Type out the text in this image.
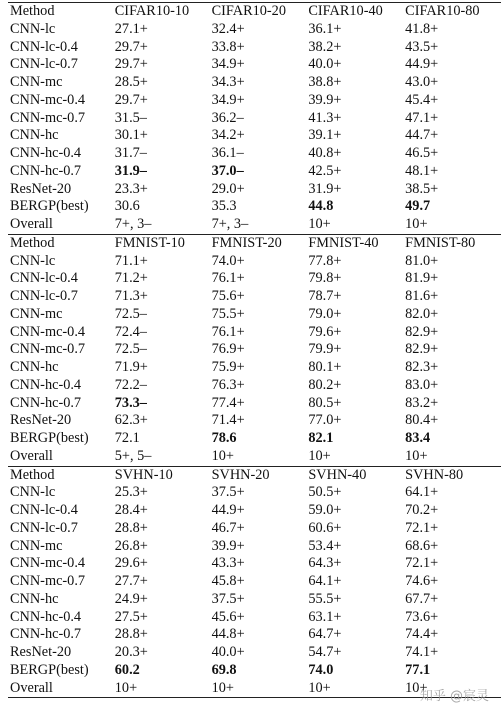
Method	CIFAR10-10	CIFAR10-20	CIFAR10-40	CIFAR10-80
CNN-lc	27.1+	32.4+	36.1+	41.8+
CNN-lc-0.4	29.7+	33.8+	38.2+	43.5+
CNN-lc-0.7	29.7+	34.9+	40.0+	44.9+
CNN-mc	28.5+	34.3+	38.8+	43.0+
CNN-mc-0.4	29.7+	34.9+	39.9+	45.4+
CNN-mc-0.7	31.5–	36.2–	41.3+	47.1+
CNN-hc	30.1+	34.2+	39.1+	44.7+
CNN-hc-0.4	31.7–	36.1–	40.8+	46.5+
CNN-hc-0.7	31.9–	37.0–	42.5+	48.1+
ResNet-20	23.3+	29.0+	31.9+	38.5+
BERGP(best)	30.6	35.3	44.8	49.7
Overall	7+, 3–	7+, 3–	10+	10+
Method	FMNIST-10	FMNIST-20	FMNIST-40	FMNIST-80
CNN-lc	71.1+	74.0+	77.8+	81.0+
CNN-lc-0.4	71.2+	76.1+	79.8+	81.9+
CNN-lc-0.7	71.3+	75.6+	78.7+	81.6+
CNN-mc	72.5–	75.5+	79.0+	82.0+
CNN-mc-0.4	72.4–	76.1+	79.6+	82.9+
CNN-mc-0.7	72.5–	76.9+	79.9+	82.9+
CNN-hc	71.9+	75.9+	80.1+	82.3+
CNN-hc-0.4	72.2–	76.3+	80.2+	83.0+
CNN-hc-0.7	73.3–	77.4+	80.5+	83.2+
ResNet-20	62.3+	71.4+	77.0+	80.4+
BERGP(best)	72.1	78.6	82.1	83.4
Overall	5+, 5–	10+	10+	10+
Method	SVHN-10	SVHN-20	SVHN-40	SVHN-80
CNN-lc	25.3+	37.5+	50.5+	64.1+
CNN-lc-0.4	28.4+	44.9+	59.0+	70.2+
CNN-lc-0.7	28.8+	46.7+	60.6+	72.1+
CNN-mc	26.8+	39.9+	53.4+	68.6+
CNN-mc-0.4	29.6+	43.3+	64.3+	72.1+
CNN-mc-0.7	27.7+	45.8+	64.1+	74.6+
CNN-hc	24.9+	37.5+	55.5+	67.7+
CNN-hc-0.4	27.5+	45.6+	63.1+	73.6+
CNN-hc-0.7	28.8+	44.8+	64.7+	74.4+
ResNet-20	20.3+	40.0+	54.7+	74.1+
BERGP(best)	60.2	69.8	74.0	77.1
Overall	10+	10+	10+	10+
知乎 @宸灵
